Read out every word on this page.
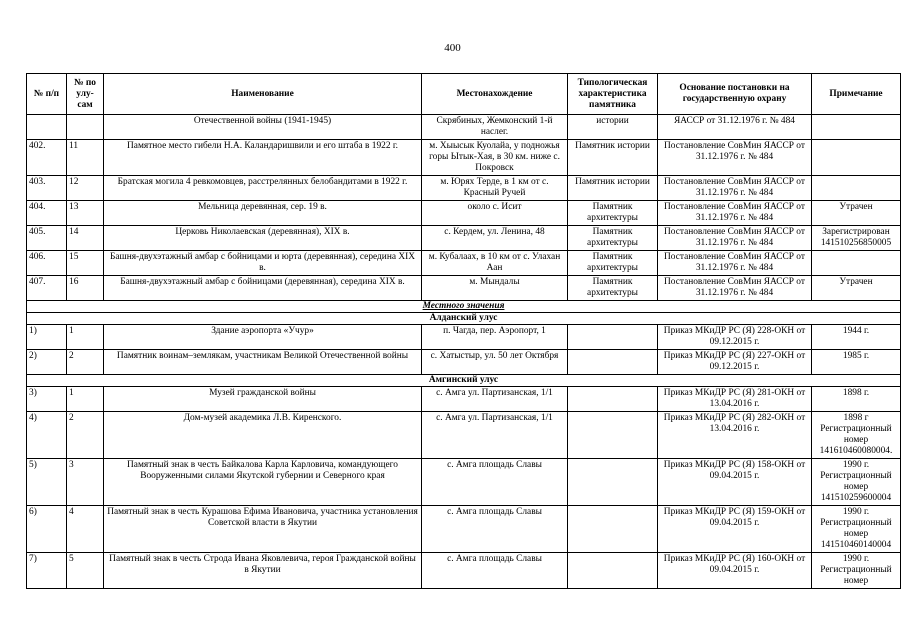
400
№ п/п	№ по улу-сам	Наименование	Местонахождение	Типологическая характеристика памятника	Основание постановки на государственную охрану	Примечание
		Отечественной войны (1941-1945)	Скрябиных, Жемконский 1-й наслег.	истории	ЯАССР от 31.12.1976 г. № 484	
402.	11	Памятное место гибели Н.А. Каландаришвили и его штаба в 1922 г.	м. Хыысык Куолайа, у подножья горы Ытык-Хая, в 30 км. ниже с. Покровск	Памятник истории	Постановление СовМин ЯАССР от 31.12.1976 г. № 484	
403.	12	Братская могила 4 ревкомовцев, расстрелянных белобандитами в 1922 г.	м. Юрях Терде, в 1 км от с. Красный Ручей	Памятник истории	Постановление СовМин ЯАССР от 31.12.1976 г. № 484	
404.	13	Мельница деревянная, сер. 19 в.	около с. Исит	Памятник архитектуры	Постановление СовМин ЯАССР от 31.12.1976 г. № 484	Утрачен
405.	14	Церковь Николаевская (деревянная), XIX в.	с. Кердем, ул. Ленина, 48	Памятник архитектуры	Постановление СовМин ЯАССР от 31.12.1976 г. № 484	Зарегистрирован 141510256850005
406.	15	Башня-двухэтажный амбар с бойницами и юрта (деревянная), середина XIX в.	м. Кубалаах, в 10 км от с. Улахан Аан	Памятник архитектуры	Постановление СовМин ЯАССР от 31.12.1976 г. № 484	
407.	16	Башня-двухэтажный амбар с бойницами (деревянная), середина XIX в.	м. Мындалы	Памятник архитектуры	Постановление СовМин ЯАССР от 31.12.1976 г. № 484	Утрачен
Местного значения						
Алданский улус						
1)	1	Здание аэропорта «Учур»	п. Чагда, пер. Аэропорт, 1		Приказ МКиДР РС (Я) 228-ОКН от 09.12.2015 г.	1944 г.
2)	2	Памятник воинам–землякам, участникам Великой Отечественной войны	с. Хатыстыр, ул. 50 лет Октября		Приказ МКиДР РС (Я) 227-ОКН от 09.12.2015 г.	1985 г.
Амгинский улус						
3)	1	Музей гражданской войны	с. Амга ул. Партизанская, 1/1		Приказ МКиДР РС (Я) 281-ОКН от 13.04.2016 г.	1898 г.
4)	2	Дом-музей академика Л.В. Киренского.	с. Амга ул. Партизанская, 1/1		Приказ МКиДР РС (Я) 282-ОКН от 13.04.2016 г.	1898 г Регистрационный номер 141610460080004.
5)	3	Памятный знак в честь Байкалова Карла Карловича, командующего Вооруженными силами Якутской губернии и Северного края	с. Амга площадь Славы		Приказ МКиДР РС (Я) 158-ОКН от 09.04.2015 г.	1990 г. Регистрационный номер 141510259600004
6)	4	Памятный знак в честь Курашова Ефима Ивановича, участника установления Советской власти в Якутии	с. Амга площадь Славы		Приказ МКиДР РС (Я) 159-ОКН от 09.04.2015 г.	1990 г. Регистрационный номер 141510460140004
7)	5	Памятный знак в честь Строда Ивана Яковлевича, героя Гражданской войны в Якутии	с. Амга площадь Славы		Приказ МКиДР РС (Я) 160-ОКН от 09.04.2015 г.	1990 г. Регистрационный номер
